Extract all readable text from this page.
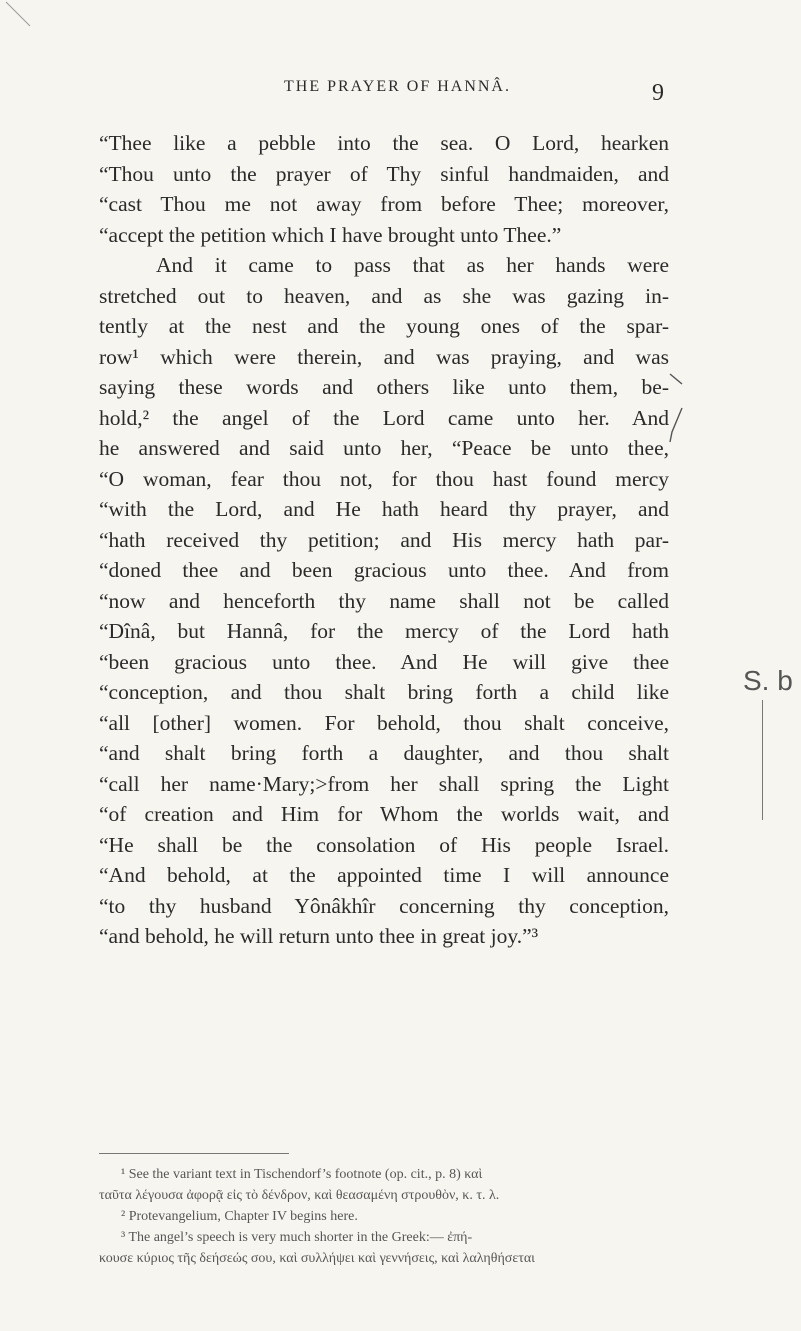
THE PRAYER OF HANNÂ.	9

“Thee like a pebble into the sea. O Lord, hearken

“Thou unto the prayer of Thy sinful handmaiden, and

“cast Thou me not away from before Thee; moreover,

“accept the petition which I have brought unto Thee.”

And it came to pass that as her hands were

stretched out to heaven, and as she was gazing in-

tently at the nest and the young ones of the spar-

row¹ which were therein, and was praying, and was

saying these words and others like unto them, be-

hold,² the angel of the Lord came unto her. And

he answered and said unto her, “Peace be unto thee,

“O woman, fear thou not, for thou hast found mercy

“with the Lord, and He hath heard thy prayer, and

“hath received thy petition; and His mercy hath par-

“doned thee and been gracious unto thee. And from

“now and henceforth thy name shall not be called

“Dînâ, but Hannâ, for the mercy of the Lord hath

“been gracious unto thee. And He will give thee

“conception, and thou shalt bring forth a child like

“all [other] women. For behold, thou shalt conceive,

“and shalt bring forth a daughter, and thou shalt

“call her name·Mary;>from her shall spring the Light

“of creation and Him for Whom the worlds wait, and

“He shall be the consolation of His people Israel.

“And behold, at the appointed time I will announce

“to thy husband Yônâkhîr concerning thy conception,

“and behold, he will return unto thee in great joy.”³

S. b

¹ See the variant text in Tischendorf’s footnote (op. cit., p. 8) καὶ

ταῦτα λέγουσα ἀφορᾷ εἰς τὸ δένδρον, καὶ θεασαμένη στρουθὸν, κ. τ. λ.

² Protevangelium, Chapter IV begins here.

³ The angel’s speech is very much shorter in the Greek:— ἐπή-

κουσε κύριος τῆς δεήσεώς σου, καὶ συλλήψει καὶ γεννήσεις, καὶ λαληθήσεται
